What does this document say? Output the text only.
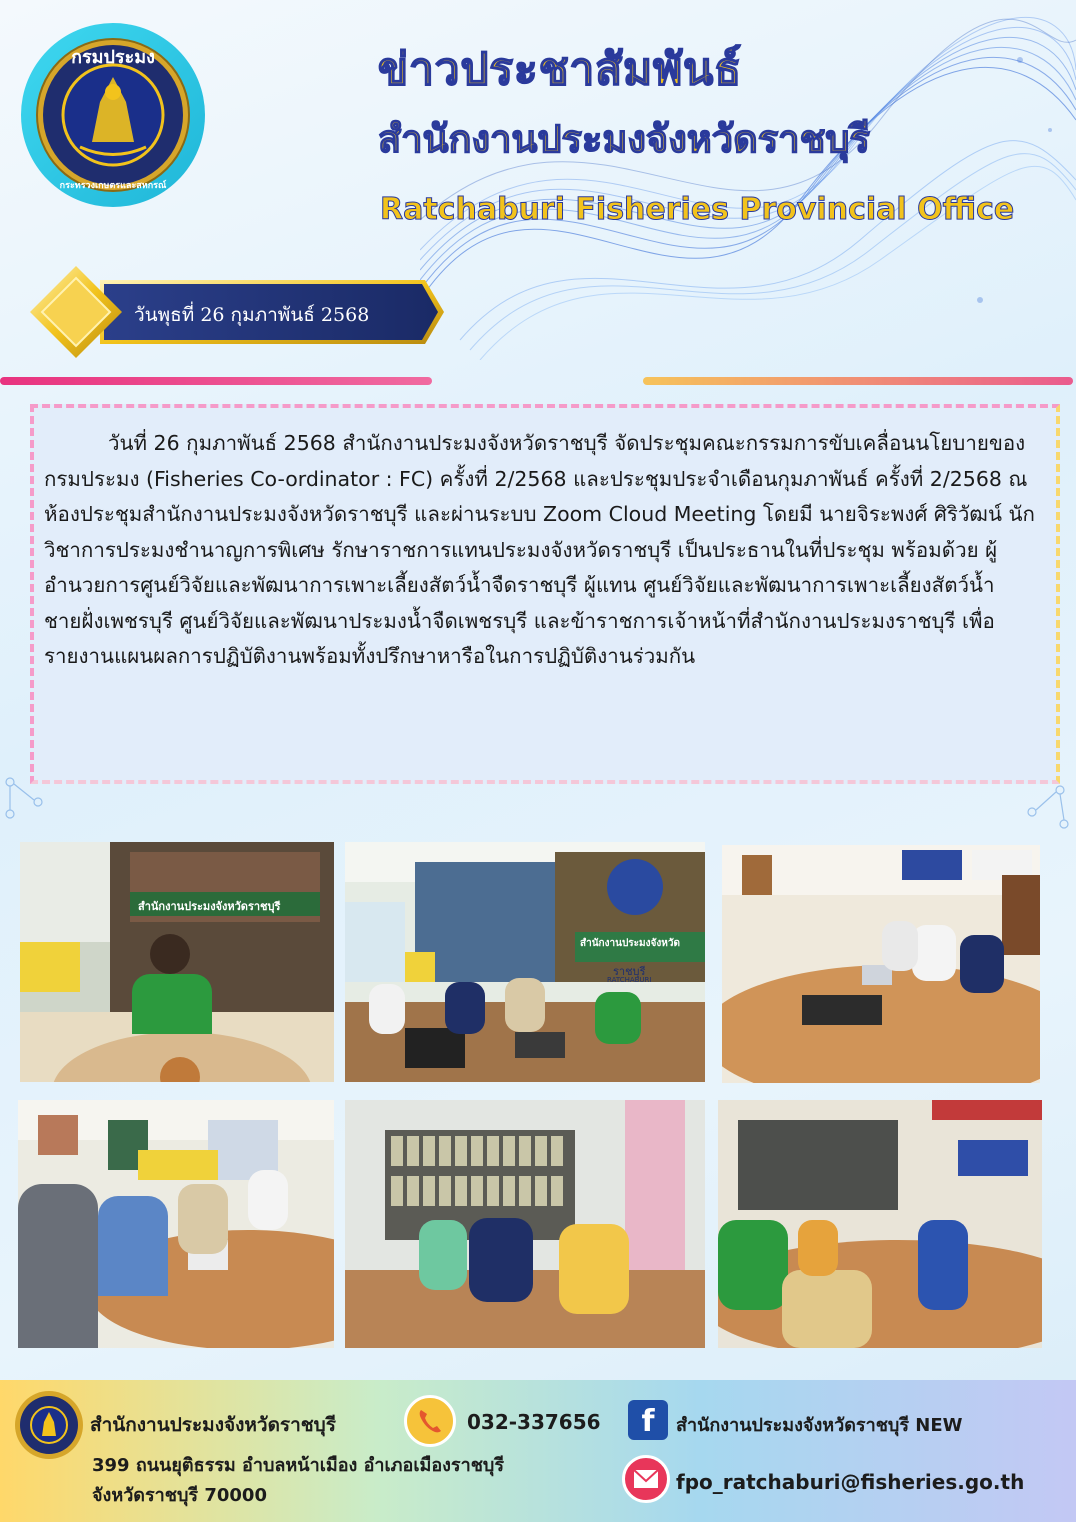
กรมประมง
กระทรวงเกษตรและสหกรณ์
ข่าวประชาสัมพันธ์
สำนักงานประมงจังหวัดราชบุรี
Ratchaburi Fisheries Provincial Office
วันพุธที่ 26 กุมภาพันธ์ 2568

วันที่ 26 กุมภาพันธ์ 2568 สำนักงานประมงจังหวัดราชบุรี จัดประชุมคณะกรรมการขับเคลื่อนนโยบายของกรมประมง (Fisheries Co-ordinator : FC) ครั้งที่ 2/2568 และประชุมประจำเดือนกุมภาพันธ์ ครั้งที่ 2/2568 ณ ห้องประชุมสำนักงานประมงจังหวัดราชบุรี และผ่านระบบ Zoom Cloud Meeting โดยมี นายจิระพงศ์ ศิริวัฒน์ นักวิชาการประมงชำนาญการพิเศษ รักษาราชการแทนประมงจังหวัดราชบุรี เป็นประธานในที่ประชุม พร้อมด้วย ผู้อำนวยการศูนย์วิจัยและพัฒนาการเพาะเลี้ยงสัตว์น้ำจืดราชบุรี ผู้แทน ศูนย์วิจัยและพัฒนาการเพาะเลี้ยงสัตว์น้ำชายฝั่งเพชรบุรี ศูนย์วิจัยและพัฒนาประมงน้ำจืดเพชรบุรี และข้าราชการเจ้าหน้าที่สำนักงานประมงราชบุรี เพื่อรายงานแผนผลการปฏิบัติงานพร้อมทั้งปรึกษาหารือในการปฏิบัติงานร่วมกัน

สำนักงานประมงจังหวัดราชบุรี
สำนักงานประมงจังหวัด
ราชบุรี
RATCHABURI
สำนักงานประมงจังหวัดราชบุรี
399 ถนนยุติธรรม อำบลหน้าเมือง อำเภอเมืองราชบุรี
จังหวัดราชบุรี 70000
032-337656	f	สำนักงานประมงจังหวัดราชบุรี NEW
fpo_ratchaburi@fisheries.go.th
